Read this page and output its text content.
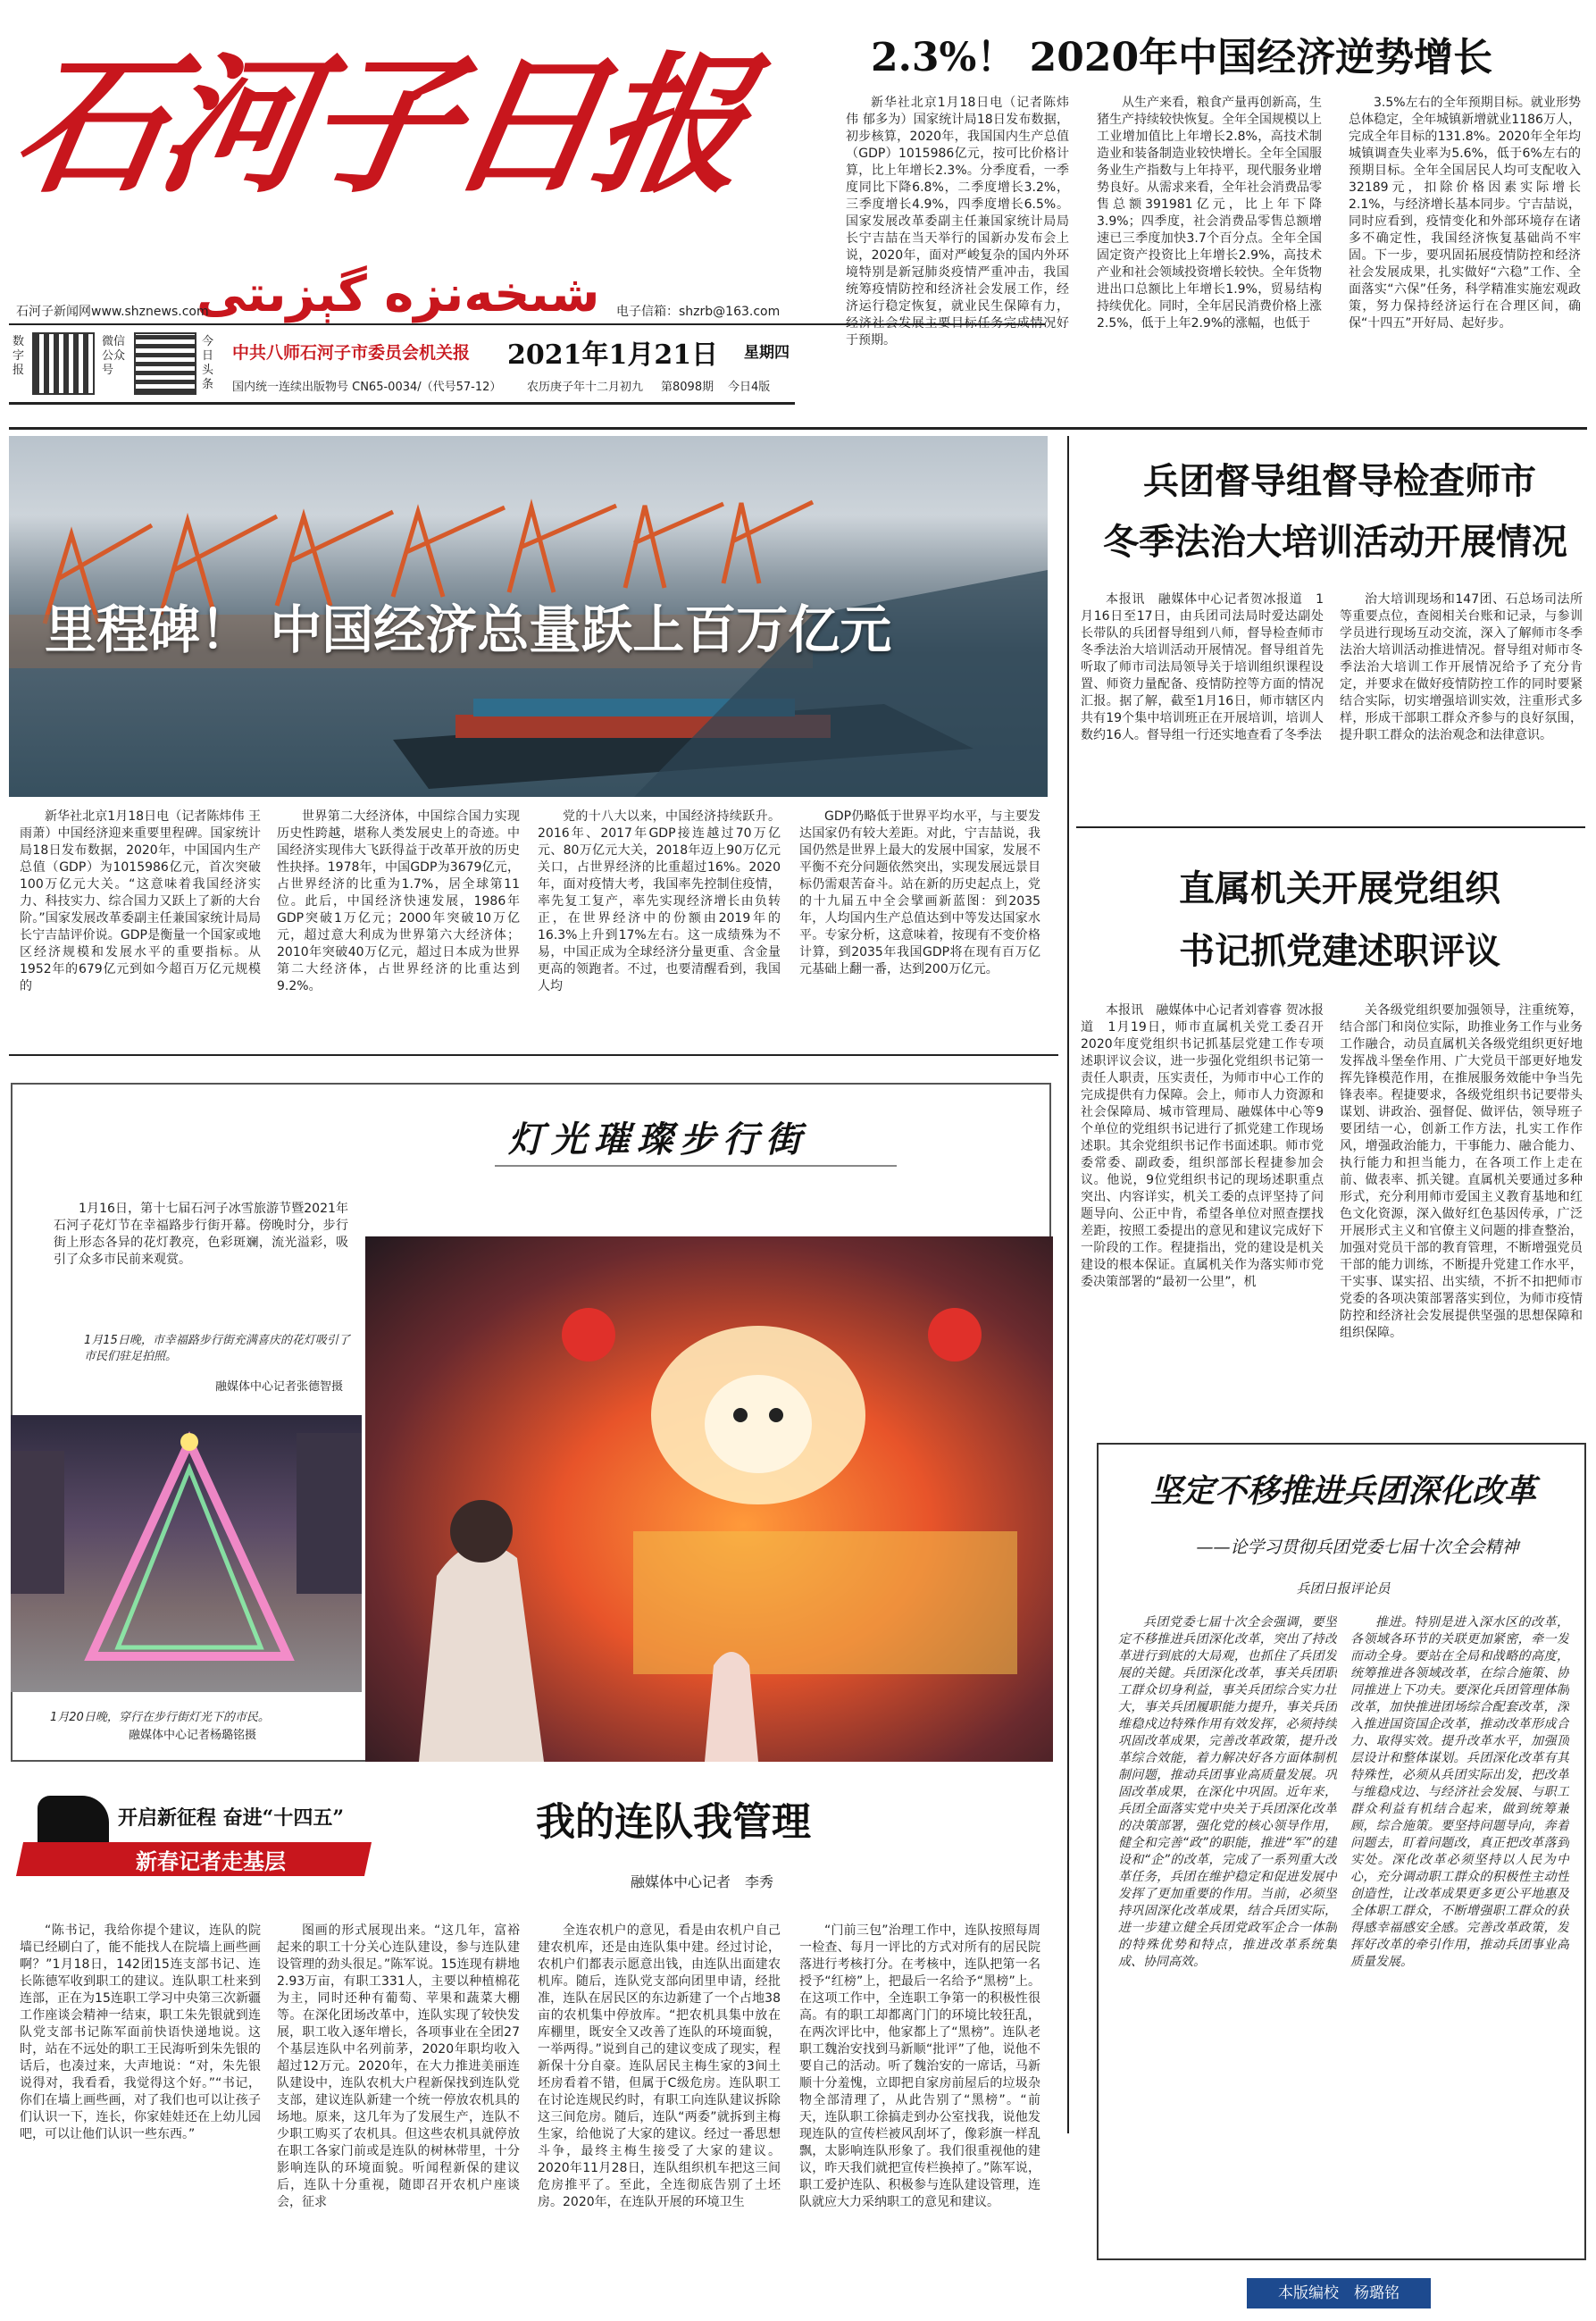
石河子日报
شىخەنزە گېزىتى
石河子新闻网www.shznews.com	电子信箱：shzrb@163.com
数字报
微信公众号
今日头条
中共八师石河子市委员会机关报
国内统一连续出版物号 CN65-0034/（代号57-12）
2021年1月21日 星期四
农历庚子年十二月初九 第8098期 今日4版
2.3%！ 2020年中国经济逆势增长

新华社北京1月18日电（记者陈炜伟 郁多为）国家统计局18日发布数据，初步核算，2020年，我国国内生产总值（GDP）1015986亿元，按可比价格计算，比上年增长2.3%。分季度看，一季度同比下降6.8%，二季度增长3.2%，三季度增长4.9%，四季度增长6.5%。国家发展改革委副主任兼国家统计局局长宁吉喆在当天举行的国新办发布会上说，2020年，面对严峻复杂的国内外环境特别是新冠肺炎疫情严重冲击，我国统筹疫情防控和经济社会发展工作，经济运行稳定恢复，就业民生保障有力，经济社会发展主要目标任务完成情况好于预期。

从生产来看，粮食产量再创新高，生猪生产持续较快恢复。全年全国规模以上工业增加值比上年增长2.8%，高技术制造业和装备制造业较快增长。全年全国服务业生产指数与上年持平，现代服务业增势良好。从需求来看，全年社会消费品零售总额391981亿元，比上年下降3.9%；四季度，社会消费品零售总额增速已三季度加快3.7个百分点。全年全国固定资产投资比上年增长2.9%，高技术产业和社会领域投资增长较快。全年货物进出口总额比上年增长1.9%，贸易结构持续优化。同时，全年居民消费价格上涨2.5%，低于上年2.9%的涨幅，也低于

3.5%左右的全年预期目标。就业形势总体稳定，全年城镇新增就业1186万人，完成全年目标的131.8%。2020年全年均城镇调查失业率为5.6%，低于6%左右的预期目标。全年全国居民人均可支配收入32189元，扣除价格因素实际增长2.1%，与经济增长基本同步。宁吉喆说，同时应看到，疫情变化和外部环境存在诸多不确定性，我国经济恢复基础尚不牢固。下一步，要巩固拓展疫情防控和经济社会发展成果，扎实做好“六稳”工作、全面落实“六保”任务，科学精准实施宏观政策，努力保持经济运行在合理区间，确保“十四五”开好局、起好步。

里程碑！ 中国经济总量跃上百万亿元

新华社北京1月18日电（记者陈炜伟 王雨萧）中国经济迎来重要里程碑。国家统计局18日发布数据，2020年，中国国内生产总值（GDP）为1015986亿元，首次突破100万亿元大关。“这意味着我国经济实力、科技实力、综合国力又跃上了新的大台阶。”国家发展改革委副主任兼国家统计局局长宁吉喆评价说。GDP是衡量一个国家或地区经济规模和发展水平的重要指标。从1952年的679亿元到如今超百万亿元规模的

世界第二大经济体，中国综合国力实现历史性跨越，堪称人类发展史上的奇迹。中国经济实现伟大飞跃得益于改革开放的历史性抉择。1978年，中国GDP为3679亿元，占世界经济的比重为1.7%，居全球第11位。此后，中国经济快速发展，1986年GDP突破1万亿元；2000年突破10万亿元，超过意大利成为世界第六大经济体；2010年突破40万亿元，超过日本成为世界第二大经济体，占世界经济的比重达到9.2%。

党的十八大以来，中国经济持续跃升。2016年、2017年GDP接连越过70万亿元、80万亿元大关，2018年迈上90万亿元关口，占世界经济的比重超过16%。2020年，面对疫情大考，我国率先控制住疫情，率先复工复产，率先实现经济增长由负转正，在世界经济中的份额由2019年的16.3%上升到17%左右。这一成绩殊为不易，中国正成为全球经济分量更重、含金量更高的领跑者。不过，也要清醒看到，我国人均

GDP仍略低于世界平均水平，与主要发达国家仍有较大差距。对此，宁吉喆说，我国仍然是世界上最大的发展中国家，发展不平衡不充分问题依然突出，实现发展远景目标仍需艰苦奋斗。站在新的历史起点上，党的十九届五中全会擘画新蓝图：到2035年，人均国内生产总值达到中等发达国家水平。专家分析，这意味着，按现有不变价格计算，到2035年我国GDP将在现有百万亿元基础上翻一番，达到200万亿元。

兵团督导组督导检查师市
冬季法治大培训活动开展情况

本报讯　融媒体中心记者贺冰报道　1月16日至17日，由兵团司法局时爱达副处长带队的兵团督导组到八师，督导检查师市冬季法治大培训活动开展情况。督导组首先听取了师市司法局领导关于培训组织课程设置、师资力量配备、疫情防控等方面的情况汇报。据了解，截至1月16日，师市辖区内共有19个集中培训班正在开展培训，培训人数约16人。督导组一行还实地查看了冬季法

治大培训现场和147团、石总场司法所等重要点位，查阅相关台账和记录，与参训学员进行现场互动交流，深入了解师市冬季法治大培训活动推进情况。督导组对师市冬季法治大培训工作开展情况给予了充分肯定，并要求在做好疫情防控工作的同时要紧结合实际，切实增强培训实效，注重形式多样，形成干部职工群众齐参与的良好氛围，提升职工群众的法治观念和法律意识。

直属机关开展党组织
书记抓党建述职评议

本报讯　融媒体中心记者刘睿睿 贺冰报道　1月19日，师市直属机关党工委召开2020年度党组织书记抓基层党建工作专项述职评议会议，进一步强化党组织书记第一责任人职责，压实责任，为师市中心工作的完成提供有力保障。会上，师市人力资源和社会保障局、城市管理局、融媒体中心等9个单位的党组织书记进行了抓党建工作现场述职。其余党组织书记作书面述职。师市党委常委、副政委，组织部部长程捷参加会议。他说，9位党组织书记的现场述职重点突出、内容详实，机关工委的点评坚持了问题导向、公正中肯，希望各单位对照查摆找差距，按照工委提出的意见和建议完成好下一阶段的工作。程捷指出，党的建设是机关建设的根本保证。直属机关作为落实师市党委决策部署的“最初一公里”，机

关各级党组织要加强领导，注重统筹，结合部门和岗位实际，助推业务工作与业务工作融合，动员直属机关各级党组织更好地发挥战斗堡垒作用、广大党员干部更好地发挥先锋模范作用，在推展服务效能中争当先锋表率。程捷要求，各级党组织书记要带头谋划、讲政治、强督促、做评估，领导班子要团结一心，创新工作方法，扎实工作作风，增强政治能力，干事能力、融合能力、执行能力和担当能力，在各项工作上走在前、做表率、抓关键。直属机关要通过多种形式，充分利用师市爱国主义教育基地和红色文化资源，深入做好红色基因传承，广泛开展形式主义和官僚主义问题的排查整治，加强对党员干部的教育管理，不断增强党员干部的能力训练，不断提升党建工作水平，干实事、谋实招、出实绩，不折不扣把师市党委的各项决策部署落实到位，为师市疫情防控和经济社会发展提供坚强的思想保障和组织保障。

灯光璀璨步行街

1月16日，第十七届石河子冰雪旅游节暨2021年石河子花灯节在幸福路步行街开幕。傍晚时分，步行街上形态各异的花灯教亮，色彩斑斓，流光溢彩，吸引了众多市民前来观赏。

1月15日晚，市幸福路步行街充满喜庆的花灯吸引了市民们驻足拍照。
融媒体中心记者张德智摄
1月20日晚，穿行在步行街灯光下的市民。
融媒体中心记者杨璐铭摄
开启新征程 奋进“十四五”
新春记者走基层
我的连队我管理
融媒体中心记者　李秀

“陈书记，我给你提个建议，连队的院墙已经刷白了，能不能找人在院墙上画些画啊？”1月18日，142团15连支部书记、连长陈德军收到职工的建议。连队职工杜来到连部，正在为15连职工学习中央第三次新疆工作座谈会精神一结束，职工朱先银就到连队党支部书记陈军面前快语快递地说。这时，站在不远处的职工王民海听到朱先银的话后，也凑过来，大声地说：“对，朱先银说得对，我看看，我觉得这个好。”“书记，你们在墙上画些画，对了我们也可以让孩子们认识一下，连长，你家娃娃还在上幼儿园吧，可以让他们认识一些东西。”

图画的形式展现出来。“这几年，富裕起来的职工十分关心连队建设，参与连队建设管理的劲头很足。”陈军说。15连现有耕地2.93万亩，有职工331人，主要以种植棉花为主，同时还种有葡萄、苹果和蔬菜大棚等。在深化团场改革中，连队实现了较快发展，职工收入逐年增长，各项事业在全团27个基层连队中名列前茅，2020年职均收入超过12万元。2020年，在大力推进美丽连队建设中，连队农机大户程新保找到连队党支部，建议连队新建一个统一停放农机具的场地。原来，这几年为了发展生产，连队不少职工购买了农机具。但这些农机具就停放在职工各家门前或是连队的树林带里，十分影响连队的环境面貌。听闻程新保的建议后，连队十分重视，随即召开农机户座谈会，征求

全连农机户的意见，看是由农机户自己建农机库，还是由连队集中建。经过讨论，农机户们都表示愿意出钱，由连队出面建农机库。随后，连队党支部向团里申请，经批准，连队在居民区的东边新建了一个占地38亩的农机集中停放库。“把农机具集中放在库棚里，既安全又改善了连队的环境面貌，一举两得。”说到自己的建议变成了现实，程新保十分自豪。连队居民主梅生家的3间土坯房看着不错，但属于C级危房。连队职工在讨论连规民约时，有职工向连队建议拆除这三间危房。随后，连队“两委”就拆到主梅生家，给他说了大家的建议。经过一番思想斗争，最终主梅生接受了大家的建议。2020年11月28日，连队组织机车把这三间危房推平了。至此，全连彻底告别了土坯房。2020年，在连队开展的环境卫生

“门前三包”治理工作中，连队按照每周一检查、每月一评比的方式对所有的居民院落进行考核打分。在考核中，连队把第一名授予“红榜”上，把最后一名给予“黑榜”上。在这项工作中，全连职工争第一的积极性很高。有的职工却都离门门的环境比较狂乱，在两次评比中，他家都上了“黑榜”。连队老职工魏治安找到马新顺“批评”了他，说他不要自己的活动。听了魏治安的一席话，马新顺十分羞愧，立即把自家房前屋后的垃圾杂物全部清理了，从此告别了“黑榜”。“前天，连队职工徐搞走到办公室找我，说他发现连队的宣传栏被风刮坏了，像彩旗一样乱飘，太影响连队形象了。我们很重视他的建议，昨天我们就把宣传栏换掉了。”陈军说，职工爱护连队、积极参与连队建设管理，连队就应大力采纳职工的意见和建议。

坚定不移推进兵团深化改革
——论学习贯彻兵团党委七届十次全会精神
兵团日报评论员

兵团党委七届十次全会强调，要坚定不移推进兵团深化改革，突出了持改革进行到底的大局观，也抓住了兵团发展的关键。兵团深化改革，事关兵团职工群众切身利益，事关兵团综合实力壮大，事关兵团履职能力提升，事关兵团维稳戍边特殊作用有效发挥，必须持续巩固改革成果，完善改革政策，提升改革综合效能，着力解决好各方面体制机制问题，推动兵团事业高质量发展。巩固改革成果，在深化中巩固。近年来，兵团全面落实党中央关于兵团深化改革的决策部署，强化党的核心领导作用，健全和完善“政”的职能，推进“军”的建设和“企”的改革，完成了一系列重大改革任务，兵团在维护稳定和促进发展中发挥了更加重要的作用。当前，必须坚持巩固深化改革成果，结合兵团实际，进一步建立健全兵团党政军企合一体制的特殊优势和特点，推进改革系统集成、协同高效。

推进。特别是进入深水区的改革，各领域各环节的关联更加紧密，牵一发而动全身。要站在全局和战略的高度，统筹推进各领域改革，在综合施策、协同推进上下功夫。要深化兵团管理体制改革，加快推进团场综合配套改革，深入推进国资国企改革，推动改革形成合力、取得实效。提升改革水平，加强顶层设计和整体谋划。兵团深化改革有其特殊性，必须从兵团实际出发，把改革与维稳戍边、与经济社会发展、与职工群众利益有机结合起来，做到统筹兼顾，综合施策。要坚持问题导向，奔着问题去，盯着问题改，真正把改革落到实处。深化改革必须坚持以人民为中心，充分调动职工群众的积极性主动性创造性，让改革成果更多更公平地惠及全体职工群众，不断增强职工群众的获得感幸福感安全感。完善改革政策，发挥好改革的牵引作用，推动兵团事业高质量发展。

本版编校　杨璐铭
